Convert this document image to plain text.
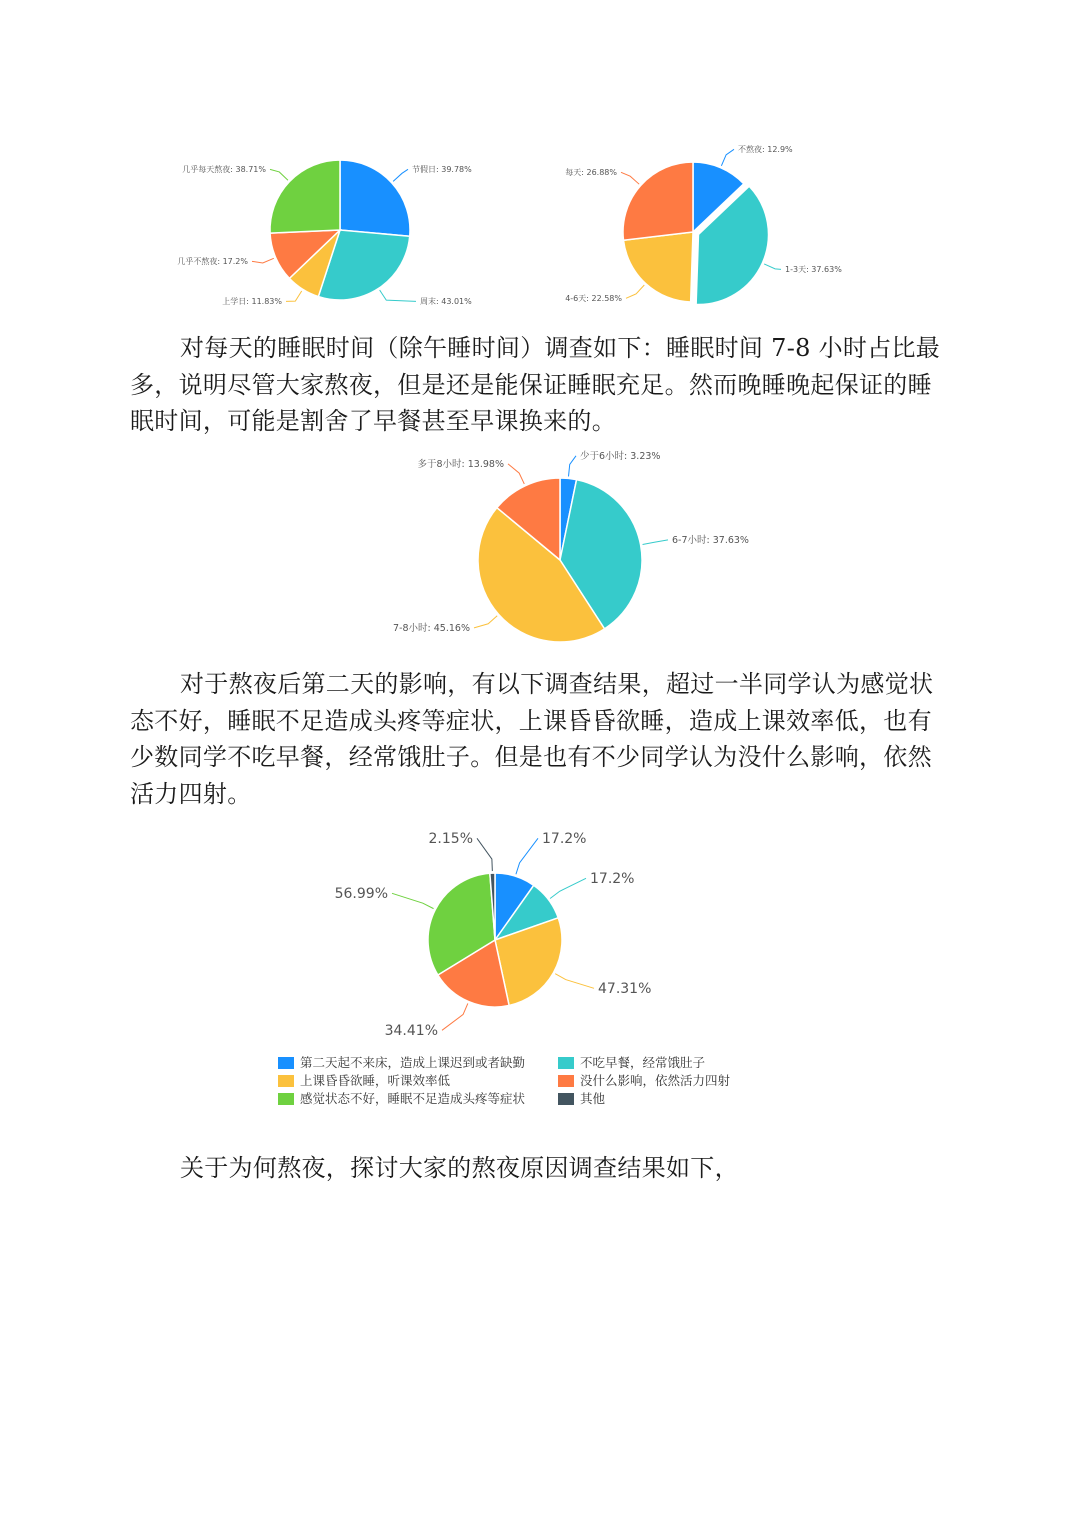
节假日: 39.78%
周末: 43.01%
上学日: 11.83%
几乎不熬夜: 17.2%
几乎每天熬夜: 38.71%
不熬夜: 12.9%
1-3天: 37.63%
4-6天: 22.58%
每天: 26.88%

对每天的睡眠时间（除午睡时间）调查如下：睡眠时间 7-8 小时占比最多，说明尽管大家熬夜，但是还是能保证睡眠充足。然而晚睡晚起保证的睡眠时间，可能是割舍了早餐甚至早课换来的。

少于6小时: 3.23%
6-7小时: 37.63%
7-8小时: 45.16%
多于8小时: 13.98%

对于熬夜后第二天的影响，有以下调查结果，超过一半同学认为感觉状态不好，睡眠不足造成头疼等症状，上课昏昏欲睡，造成上课效率低，也有少数同学不吃早餐，经常饿肚子。但是也有不少同学认为没什么影响，依然活力四射。

17.2%
17.2%
47.31%
34.41%
56.99%
2.15%
第二天起不来床，造成上课迟到或者缺勤	不吃早餐，经常饿肚子
上课昏昏欲睡，听课效率低	没什么影响，依然活力四射
感觉状态不好，睡眠不足造成头疼等症状	其他

关于为何熬夜，探讨大家的熬夜原因调查结果如下，
